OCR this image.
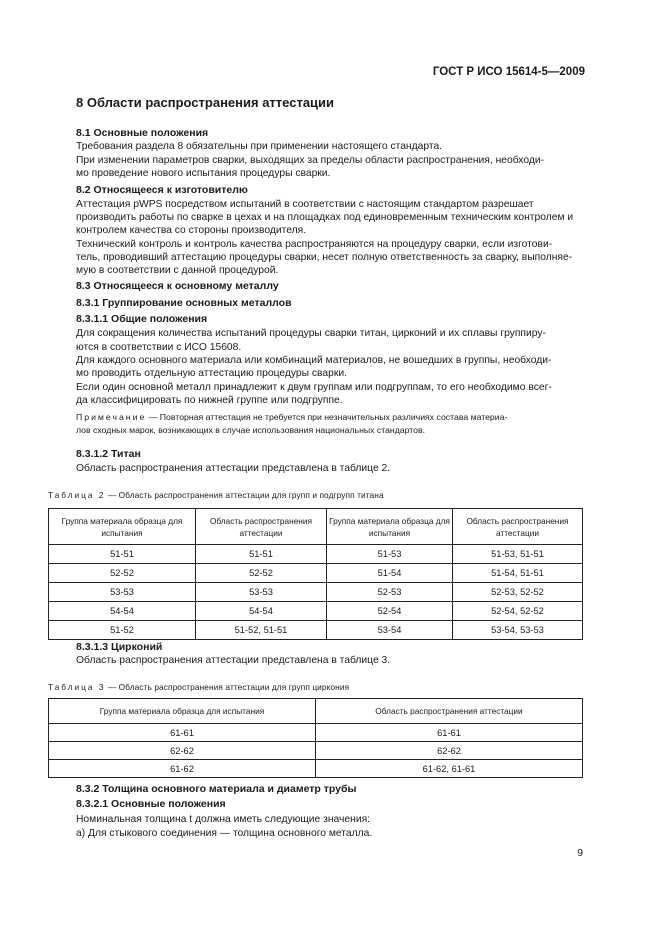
ГОСТ Р ИСО 15614-5—2009
8 Области распространения аттестации
8.1 Основные положения
Требования раздела 8 обязательны при применении настоящего стандарта.
При изменении параметров сварки, выходящих за пределы области распространения, необходи-
мо проведение нового испытания процедуры сварки.
8.2 Относящееся к изготовителю
Аттестация pWPS посредством испытаний в соответствии с настоящим стандартом разрешает
производить работы по сварке в цехах и на площадках под единовременным техническим контролем и
контролем качества со стороны производителя.
Технический контроль и контроль качества распространяются на процедуру сварки, если изготови-
тель, проводивший аттестацию процедуры сварки, несет полную ответственность за сварку, выполняе-
мую в соответствии с данной процедурой.
8.3 Относящееся к основному металлу
8.3.1 Группирование основных металлов
8.3.1.1 Общие положения
Для сокращения количества испытаний процедуры сварки титан, цирконий и их сплавы группиру-
ются в соответствии с ИСО 15608.
Для каждого основного материала или комбинаций материалов, не вошедших в группы, необходи-
мо проводить отдельную аттестацию процедуры сварки.
Если один основной металл принадлежит к двум группам или подгруппам, то его необходимо всег-
да классифицировать по нижней группе или подгруппе.
Примечание — Повторная аттестация не требуется при незначительных различиях состава материа-
лов сходных марок, возникающих в случае использования национальных стандартов.
8.3.1.2 Титан
Область распространения аттестации представлена в таблице 2.
Таблица 2 — Область распространения аттестации для групп и подгрупп титана
Группа материала образца для испытания	Область распространения аттестации	Группа материала образца для испытания	Область распространения аттестации
51-51	51-51	51-53	51-53, 51-51
52-52	52-52	51-54	51-54, 51-51
53-53	53-53	52-53	52-53, 52-52
54-54	54-54	52-54	52-54, 52-52
51-52	51-52, 51-51	53-54	53-54, 53-53
8.3.1.3 Цирконий
Область распространения аттестации представлена в таблице 3.
Таблица 3 — Область распространения аттестации для групп циркония
Группа материала образца для испытания	Область распространения аттестации
61-61	61-61
62-62	62-62
61-62	61-62, 61-61
8.3.2 Толщина основного материала и диаметр трубы
8.3.2.1 Основные положения
Номинальная толщина t должна иметь следующие значения:
а) Для стыкового соединения — толщина основного металла.
9
